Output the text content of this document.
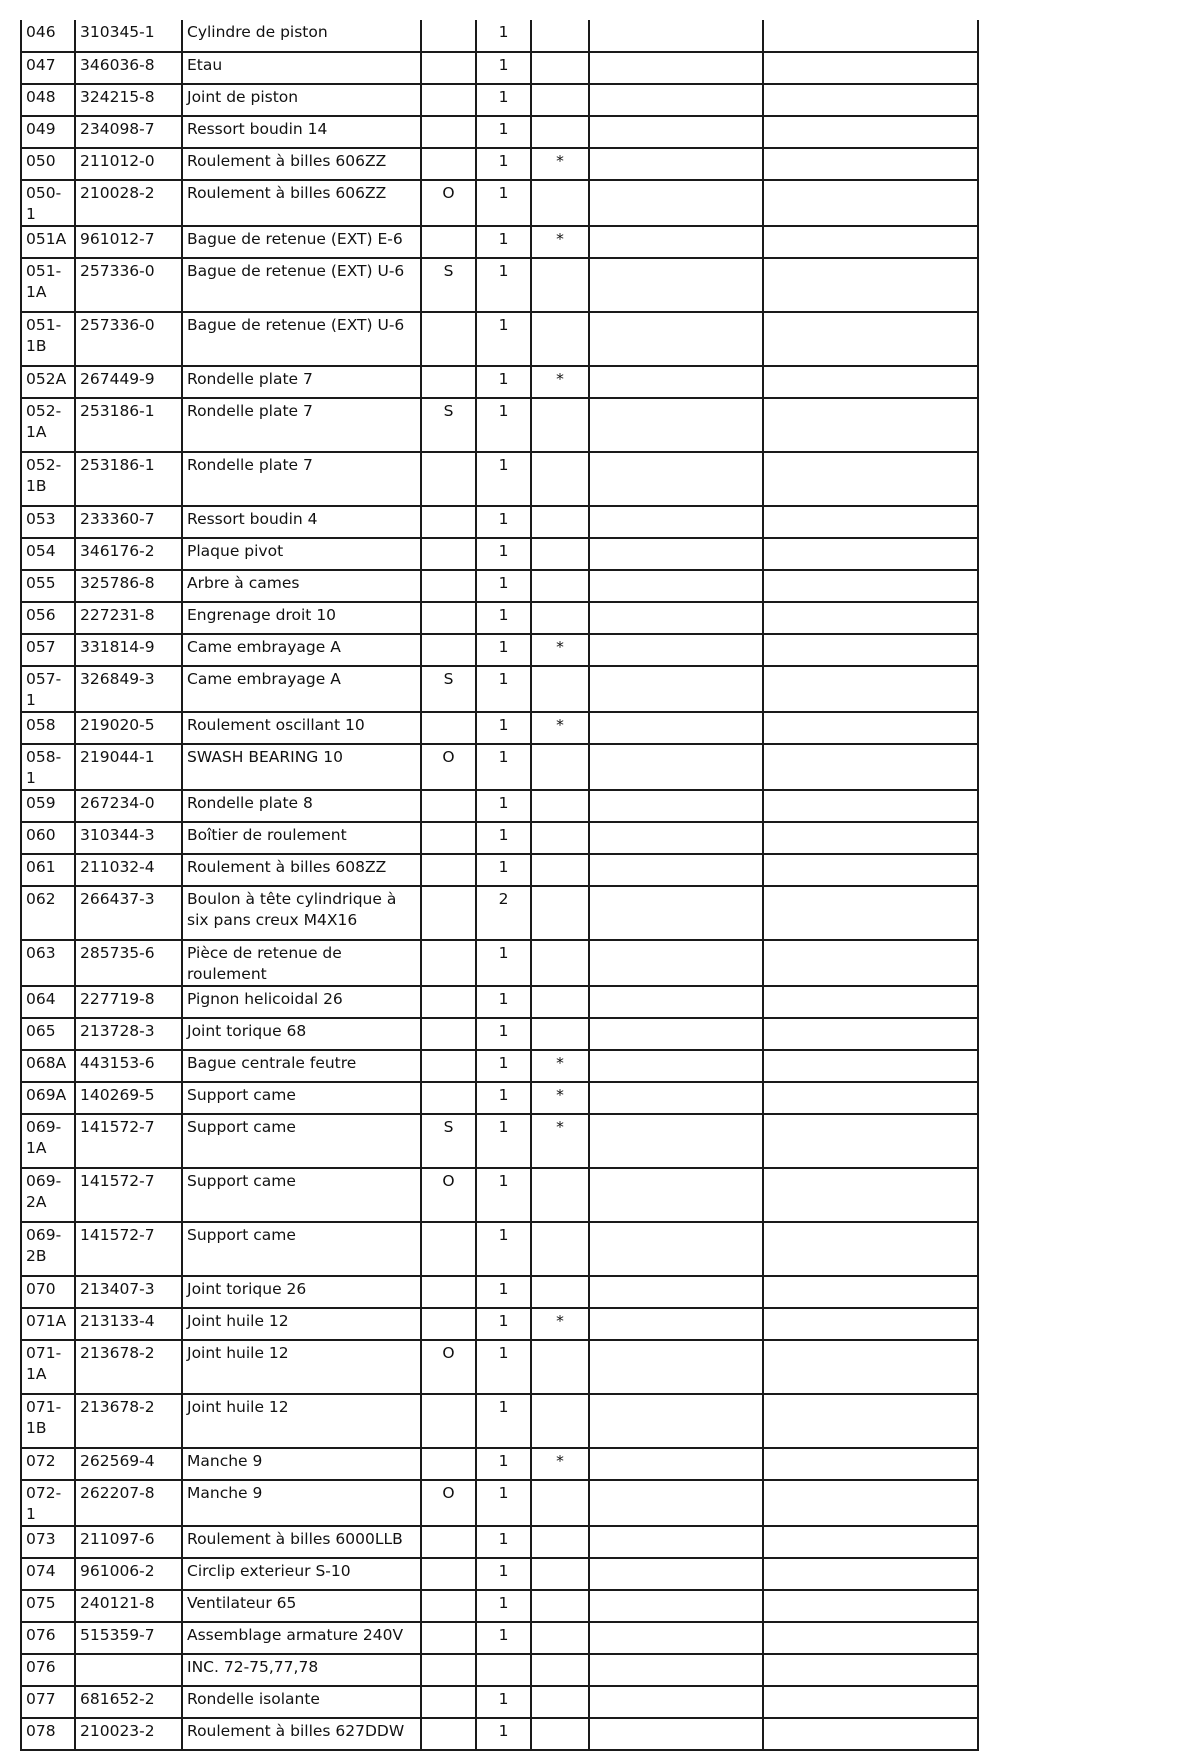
046	310345-1	Cylindre de piston		1			
047	346036-8	Etau		1			
048	324215-8	Joint de piston		1			
049	234098-7	Ressort boudin 14		1			
050	211012-0	Roulement à billes 606ZZ		1	*		
050-1	210028-2	Roulement à billes 606ZZ	O	1			
051A	961012-7	Bague de retenue (EXT) E-6		1	*		
051-1A	257336-0	Bague de retenue (EXT) U-6	S	1			
051-1B	257336-0	Bague de retenue (EXT) U-6		1			
052A	267449-9	Rondelle plate 7		1	*		
052-1A	253186-1	Rondelle plate 7	S	1			
052-1B	253186-1	Rondelle plate 7		1			
053	233360-7	Ressort boudin 4		1			
054	346176-2	Plaque pivot		1			
055	325786-8	Arbre à cames		1			
056	227231-8	Engrenage droit 10		1			
057	331814-9	Came embrayage A		1	*		
057-1	326849-3	Came embrayage A	S	1			
058	219020-5	Roulement oscillant 10		1	*		
058-1	219044-1	SWASH BEARING 10	O	1			
059	267234-0	Rondelle plate 8		1			
060	310344-3	Boîtier de roulement		1			
061	211032-4	Roulement à billes 608ZZ		1			
062	266437-3	Boulon à tête cylindrique à six pans creux M4X16		2			
063	285735-6	Pièce de retenue de roulement		1			
064	227719-8	Pignon helicoidal 26		1			
065	213728-3	Joint torique 68		1			
068A	443153-6	Bague centrale feutre		1	*		
069A	140269-5	Support came		1	*		
069-1A	141572-7	Support came	S	1	*		
069-2A	141572-7	Support came	O	1			
069-2B	141572-7	Support came		1			
070	213407-3	Joint torique 26		1			
071A	213133-4	Joint huile 12		1	*		
071-1A	213678-2	Joint huile 12	O	1			
071-1B	213678-2	Joint huile 12		1			
072	262569-4	Manche 9		1	*		
072-1	262207-8	Manche 9	O	1			
073	211097-6	Roulement à billes 6000LLB		1			
074	961006-2	Circlip exterieur S-10		1			
075	240121-8	Ventilateur 65		1			
076	515359-7	Assemblage armature 240V		1			
076		INC. 72-75,77,78					
077	681652-2	Rondelle isolante		1			
078	210023-2	Roulement à billes 627DDW		1			
